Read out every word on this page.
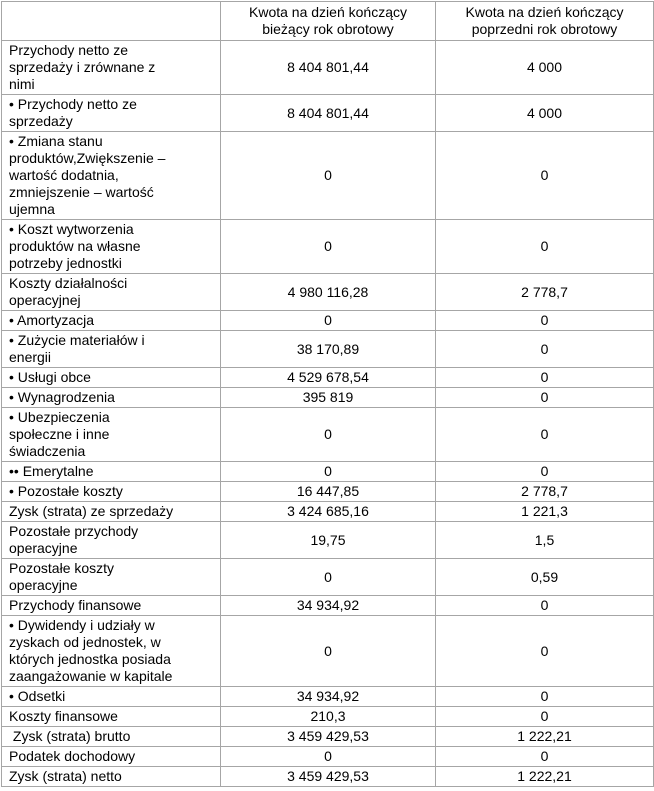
	Kwota na dzień kończący bieżący rok obrotowy	Kwota na dzień kończący poprzedni rok obrotowy
Przychody netto ze sprzedaży i zrównane z nimi	8 404 801,44	4 000
• Przychody netto ze sprzedaży	8 404 801,44	4 000
• Zmiana stanu produktów,Zwiększenie – wartość dodatnia, zmniejszenie – wartość ujemna	0	0
• Koszt wytworzenia produktów na własne potrzeby jednostki	0	0
Koszty działalności operacyjnej	4 980 116,28	2 778,7
• Amortyzacja	0	0
• Zużycie materiałów i energii	38 170,89	0
• Usługi obce	4 529 678,54	0
• Wynagrodzenia	395 819	0
• Ubezpieczenia społeczne i inne świadczenia	0	0
•• Emerytalne	0	0
• Pozostałe koszty	16 447,85	2 778,7
Zysk (strata) ze sprzedaży	3 424 685,16	1 221,3
Pozostałe przychody operacyjne	19,75	1,5
Pozostałe koszty operacyjne	0	0,59
Przychody finansowe	34 934,92	0
• Dywidendy i udziały w zyskach od jednostek, w których jednostka posiada zaangażowanie w kapitale	0	0
• Odsetki	34 934,92	0
Koszty finansowe	210,3	0
Zysk (strata) brutto	3 459 429,53	1 222,21
Podatek dochodowy	0	0
Zysk (strata) netto	3 459 429,53	1 222,21
